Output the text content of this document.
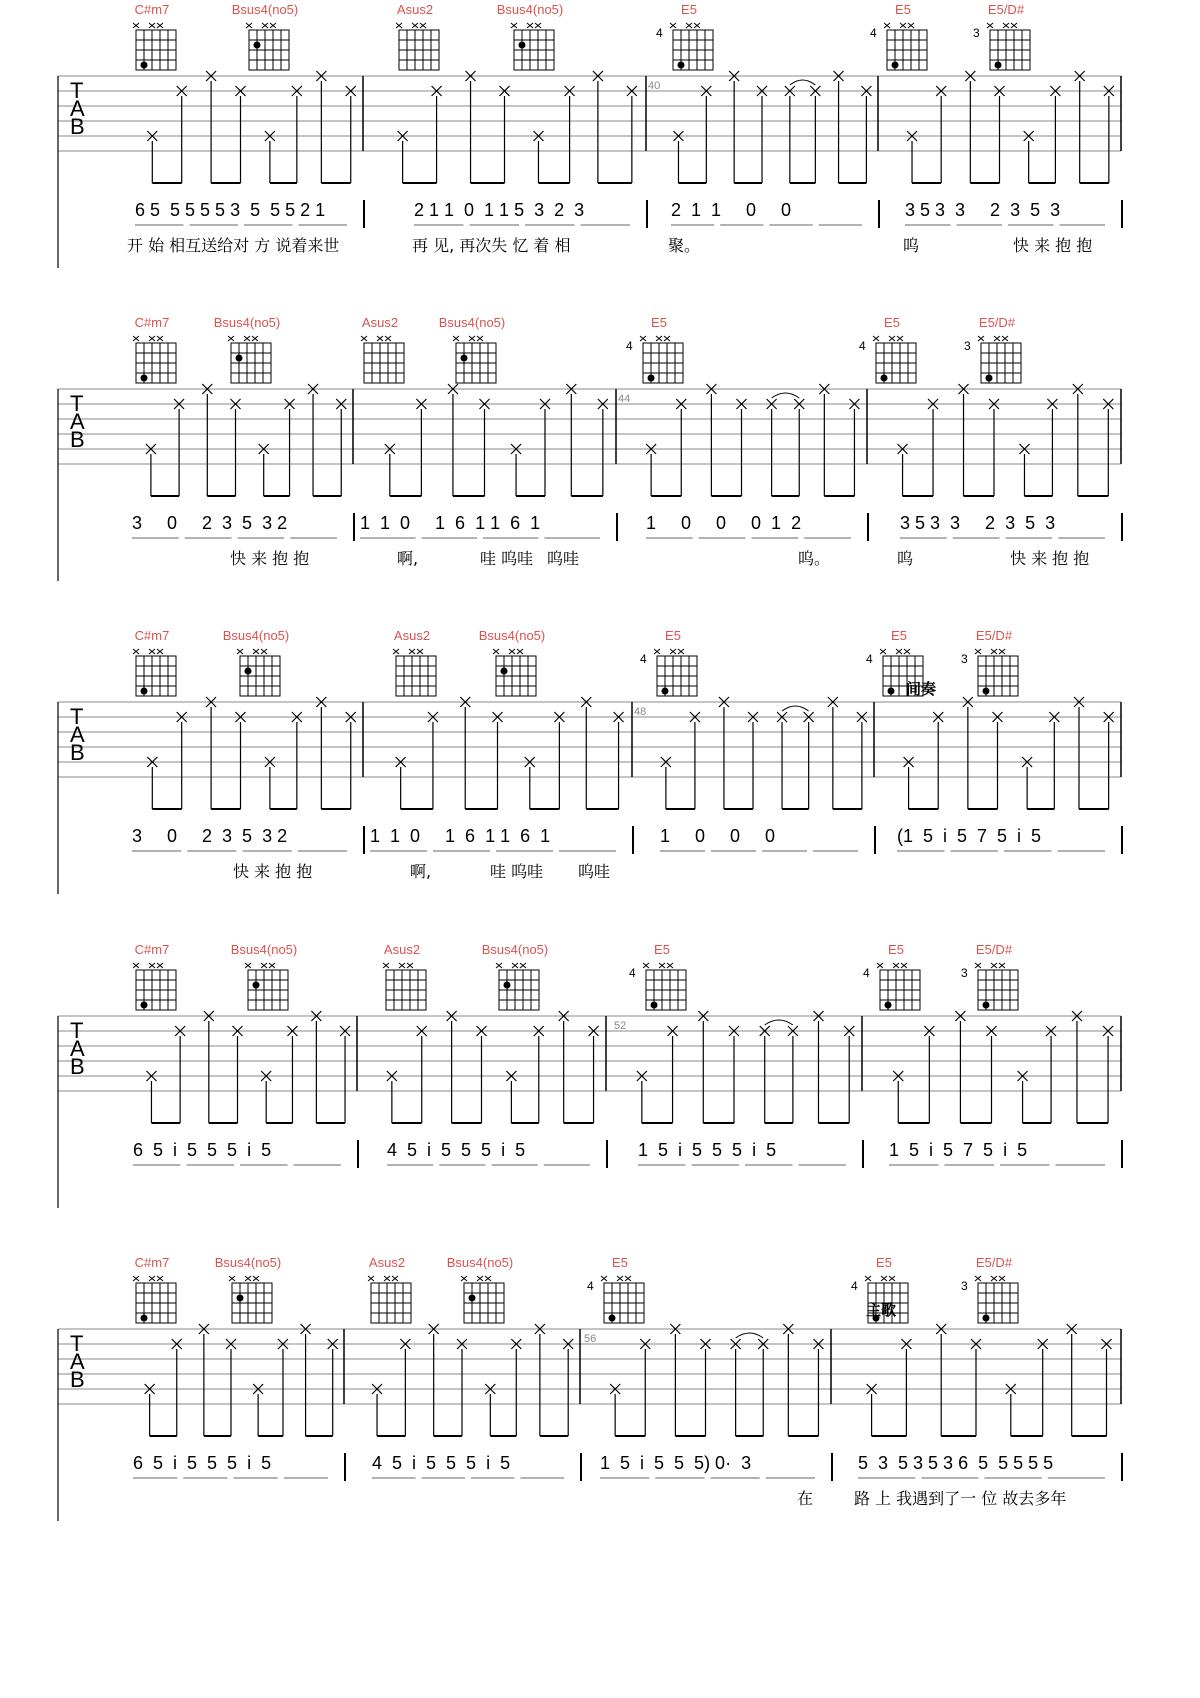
C#m7	Bsus4(no5)	Asus2	Bsus4(no5)	E5
4
E5
4
E5/D#
3
T
A
B
40
6 5  5 5 5 5 3  5  5 5 2 1	2 1 1  0  1 1 5  3  2  3	2  1  1     0     0	3 5 3  3     2  3  5  3
开 始 相互送给对 方 说着来世	再 见, 再次失 忆 着 相	聚。	呜	快 来 抱 抱
C#m7	Bsus4(no5)	Asus2	Bsus4(no5)	E5
4
E5
4
E5/D#
3
T
A
B
44
3     0     2  3  5  3 2	1  1  0     1  6  1 1  6  1	1     0     0     0  1  2	3 5 3  3     2  3  5  3
快 来 抱 抱	啊,	哇 呜哇 呜哇	呜。	呜	快 来 抱 抱
C#m7	Bsus4(no5)	Asus2	Bsus4(no5)	E5
4
E5
4
E5/D#
3
间奏
T
A
B
48
3     0     2  3  5  3 2	1  1  0     1  6  1 1  6  1	1     0     0     0	(1  5  i  5  7  5  i  5
快 来 抱 抱	啊,	哇 呜哇 呜哇
C#m7	Bsus4(no5)	Asus2	Bsus4(no5)	E5
4
E5
4
E5/D#
3
T
A
B
52
6  5  i  5  5  5  i  5	4  5  i  5  5  5  i  5	1  5  i  5  5  5  i  5	1  5  i  5  7  5  i  5
C#m7	Bsus4(no5)	Asus2	Bsus4(no5)	E5
4
E5
4
E5/D#
3
主歌
T
A
B
56
6  5  i  5  5  5  i  5	4  5  i  5  5  5  i  5	1  5  i  5  5  5) 0·  3	5  3  5 3 5 3 6  5  5 5 5 5
在	路 上 我遇到了一 位 故去多年
